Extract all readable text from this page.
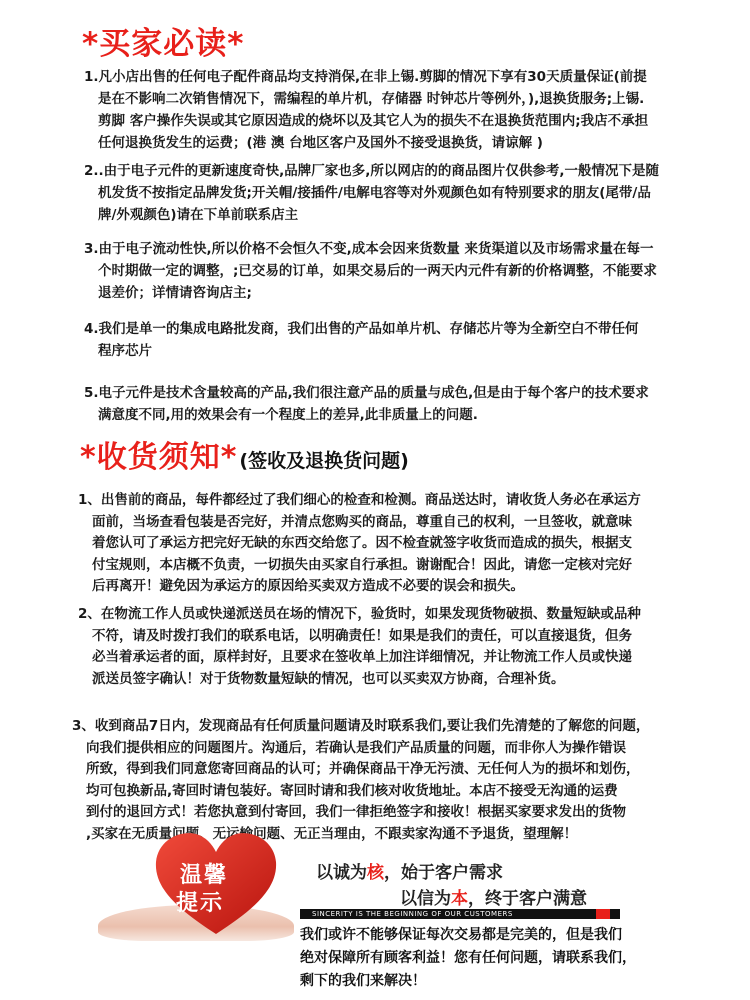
*买家必读*
1.凡小店出售的任何电子配件商品均支持消保,在非上锡.剪脚的情况下享有30天质量保证(前提
是在不影响二次销售情况下，需编程的单片机，存储器 时钟芯片等例外，),退换货服务;上锡.
剪脚 客户操作失误或其它原因造成的烧坏以及其它人为的损失不在退换货范围内;我店不承担
任何退换货发生的运费；(港 澳 台地区客户及国外不接受退换货，请谅解 )
2..由于电子元件的更新速度奇快,品牌厂家也多,所以网店的的商品图片仅供参考,一般情况下是随
机发货不按指定品牌发货;开关帽/接插件/电解电容等对外观颜色如有特别要求的朋友(尾带/品
牌/外观颜色)请在下单前联系店主
3.由于电子流动性快,所以价格不会恒久不变,成本会因来货数量 来货渠道以及市场需求量在每一
个时期做一定的调整，;已交易的订单，如果交易后的一两天内元件有新的价格调整，不能要求
退差价；详情请咨询店主;
4.我们是单一的集成电路批发商，我们出售的产品如单片机、存储芯片等为全新空白不带任何
程序芯片
5.电子元件是技术含量较高的产品,我们很注意产品的质量与成色,但是由于每个客户的技术要求
满意度不同,用的效果会有一个程度上的差异,此非质量上的问题.
*收货须知* (签收及退换货问题)
1、出售前的商品，每件都经过了我们细心的检查和检测。商品送达时，请收货人务必在承运方
面前，当场查看包装是否完好，并清点您购买的商品，尊重自己的权利，一旦签收，就意味
着您认可了承运方把完好无缺的东西交给您了。因不检查就签字收货而造成的损失，根据支
付宝规则，本店概不负责，一切损失由买家自行承担。谢谢配合！因此，请您一定核对完好
后再离开！避免因为承运方的原因给买卖双方造成不必要的误会和损失。
2、在物流工作人员或快递派送员在场的情况下，验货时，如果发现货物破损、数量短缺或品种
不符，请及时拨打我们的联系电话，以明确责任！如果是我们的责任，可以直接退货，但务
必当着承运者的面，原样封好，且要求在签收单上加注详细情况，并让物流工作人员或快递
派送员签字确认！对于货物数量短缺的情况，也可以买卖双方协商，合理补货。
3、收到商品7日内，发现商品有任何质量问题请及时联系我们,要让我们先清楚的了解您的问题，
向我们提供相应的问题图片。沟通后，若确认是我们产品质量的问题，而非你人为操作错误
所致，得到我们同意您寄回商品的认可；并确保商品干净无污渍、无任何人为的损坏和划伤，
均可包换新品,寄回时请包装好。寄回时请和我们核对收货地址。本店不接受无沟通的运费
到付的退回方式！若您执意到付寄回，我们一律拒绝签字和接收！根据买家要求发出的货物
,买家在无质量问题、无运输问题、无正当理由，不跟卖家沟通不予退货，望理解！
温馨
提示
以诚为核，始于客户需求
以信为本，终于客户满意
SINCERITY IS THE BEGINNING OF OUR CUSTOMERS
我们或许不能够保证每次交易都是完美的，但是我们
绝对保障所有顾客利益！您有任何问题，请联系我们，
剩下的我们来解决！
